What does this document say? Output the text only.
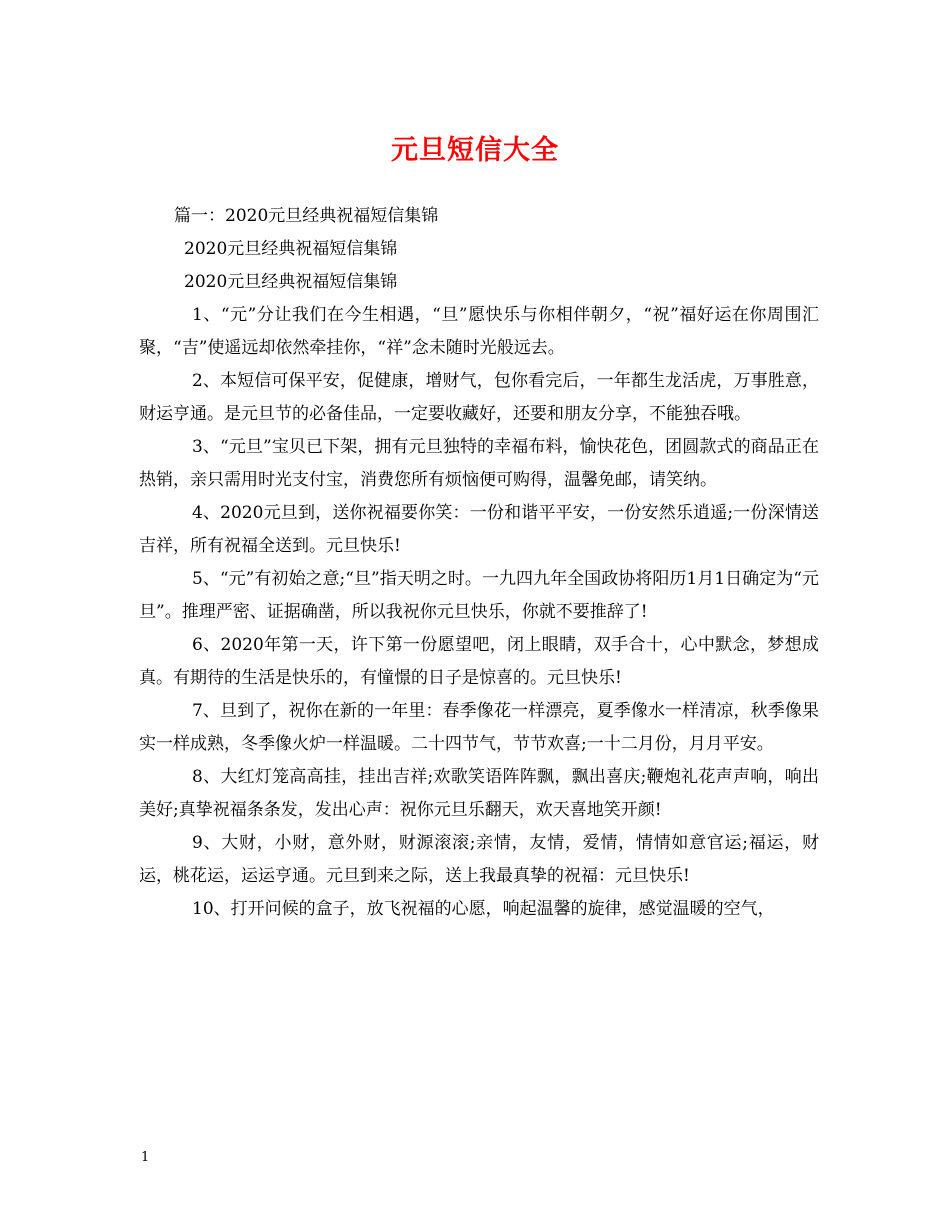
元旦短信大全
篇一：2020元旦经典祝福短信集锦
2020元旦经典祝福短信集锦
2020元旦经典祝福短信集锦

1、“元”分让我们在今生相遇，“旦”愿快乐与你相伴朝夕，“祝”福好运在你周围汇聚，“吉”使遥远却依然牵挂你，“祥”念未随时光般远去。

2、本短信可保平安，促健康，增财气，包你看完后，一年都生龙活虎，万事胜意，财运亨通。是元旦节的必备佳品，一定要收藏好，还要和朋友分享，不能独吞哦。

3、“元旦”宝贝已下架，拥有元旦独特的幸福布料，愉快花色，团圆款式的商品正在热销，亲只需用时光支付宝，消费您所有烦恼便可购得，温馨免邮，请笑纳。

4、2020元旦到，送你祝福要你笑：一份和谐平平安，一份安然乐逍遥;一份深情送吉祥，所有祝福全送到。元旦快乐!

5、“元”有初始之意;“旦”指天明之时。一九四九年全国政协将阳历1月1日确定为“元旦”。推理严密、证据确凿，所以我祝你元旦快乐，你就不要推辞了!

6、2020年第一天，许下第一份愿望吧，闭上眼睛，双手合十，心中默念，梦想成真。有期待的生活是快乐的，有憧憬的日子是惊喜的。元旦快乐!

7、旦到了，祝你在新的一年里：春季像花一样漂亮，夏季像水一样清凉，秋季像果实一样成熟，冬季像火炉一样温暖。二十四节气，节节欢喜;一十二月份，月月平安。

8、大红灯笼高高挂，挂出吉祥;欢歌笑语阵阵飘，飘出喜庆;鞭炮礼花声声响，响出美好;真挚祝福条条发，发出心声：祝你元旦乐翻天，欢天喜地笑开颜!

9、大财，小财，意外财，财源滚滚;亲情，友情，爱情，情情如意官运;福运，财运，桃花运，运运亨通。元旦到来之际，送上我最真挚的祝福：元旦快乐!

10、打开问候的盒子，放飞祝福的心愿，响起温馨的旋律，感觉温暖的空气，

1
